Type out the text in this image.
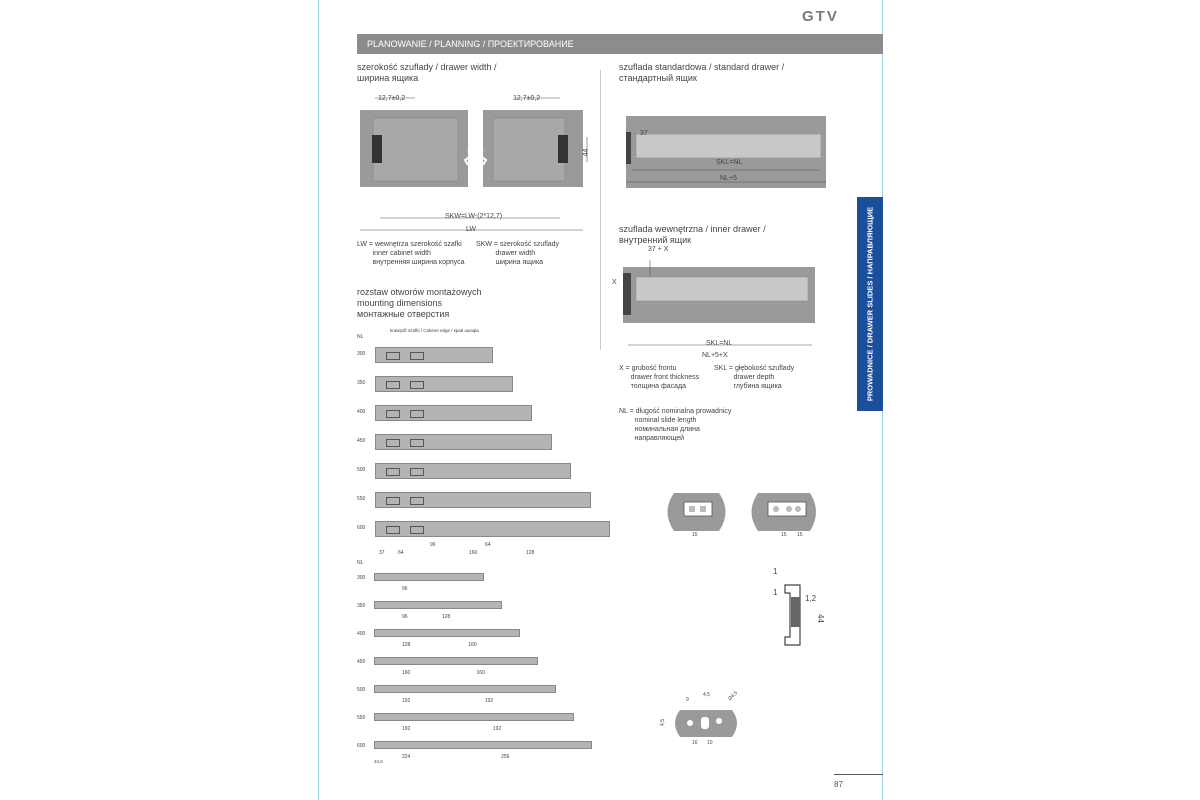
GTV
PLANOWANIE / PLANNING / ПРОЕКТИРОВАНИЕ
PROWADNICE / DRAWER SLIDES / НАПРАВЛЯЮЩИЕ
szerokość szuflady / drawer width /
ширина ящика
12,7±0,2	12,7±0,2
44
SKW=LW-(2*12,7)
LW
LW = wewnętrza szerokość szafki
inner cabinet width
внутренняя ширина корпуса
SKW = szerokość szuflady
drawer width
ширина ящика
szuflada standardowa / standard drawer /
стандартный ящик
37
SKL=NL
NL+5
szuflada wewnętrzna / inner drawer /
внутренний ящик
37 + X
X
SKL=NL
NL+5+X
X = grubość frontu
drawer front thickness
толщина фасада
SKL = głębokość szuflady
drawer depth
глубина ящика
NL = długość nominalna prowadnicy
nominal slide length
номинальная длина
направляющей
rozstaw otworów montażowych
mounting dimensions
монтажные отверстия
NL
krawędź szafki / Cabinet edge / край шкафа
300
350
400
450
500
550
600
37	64
96
160
64
128
NL
300
96
350
96	128
400
128	160
450
160	160
500
192	192
550
192	192
600
224	256
34,5
15	15 15
1
1
1,2
44
9
4,5	Ø4,5
4,5
16 10
87
